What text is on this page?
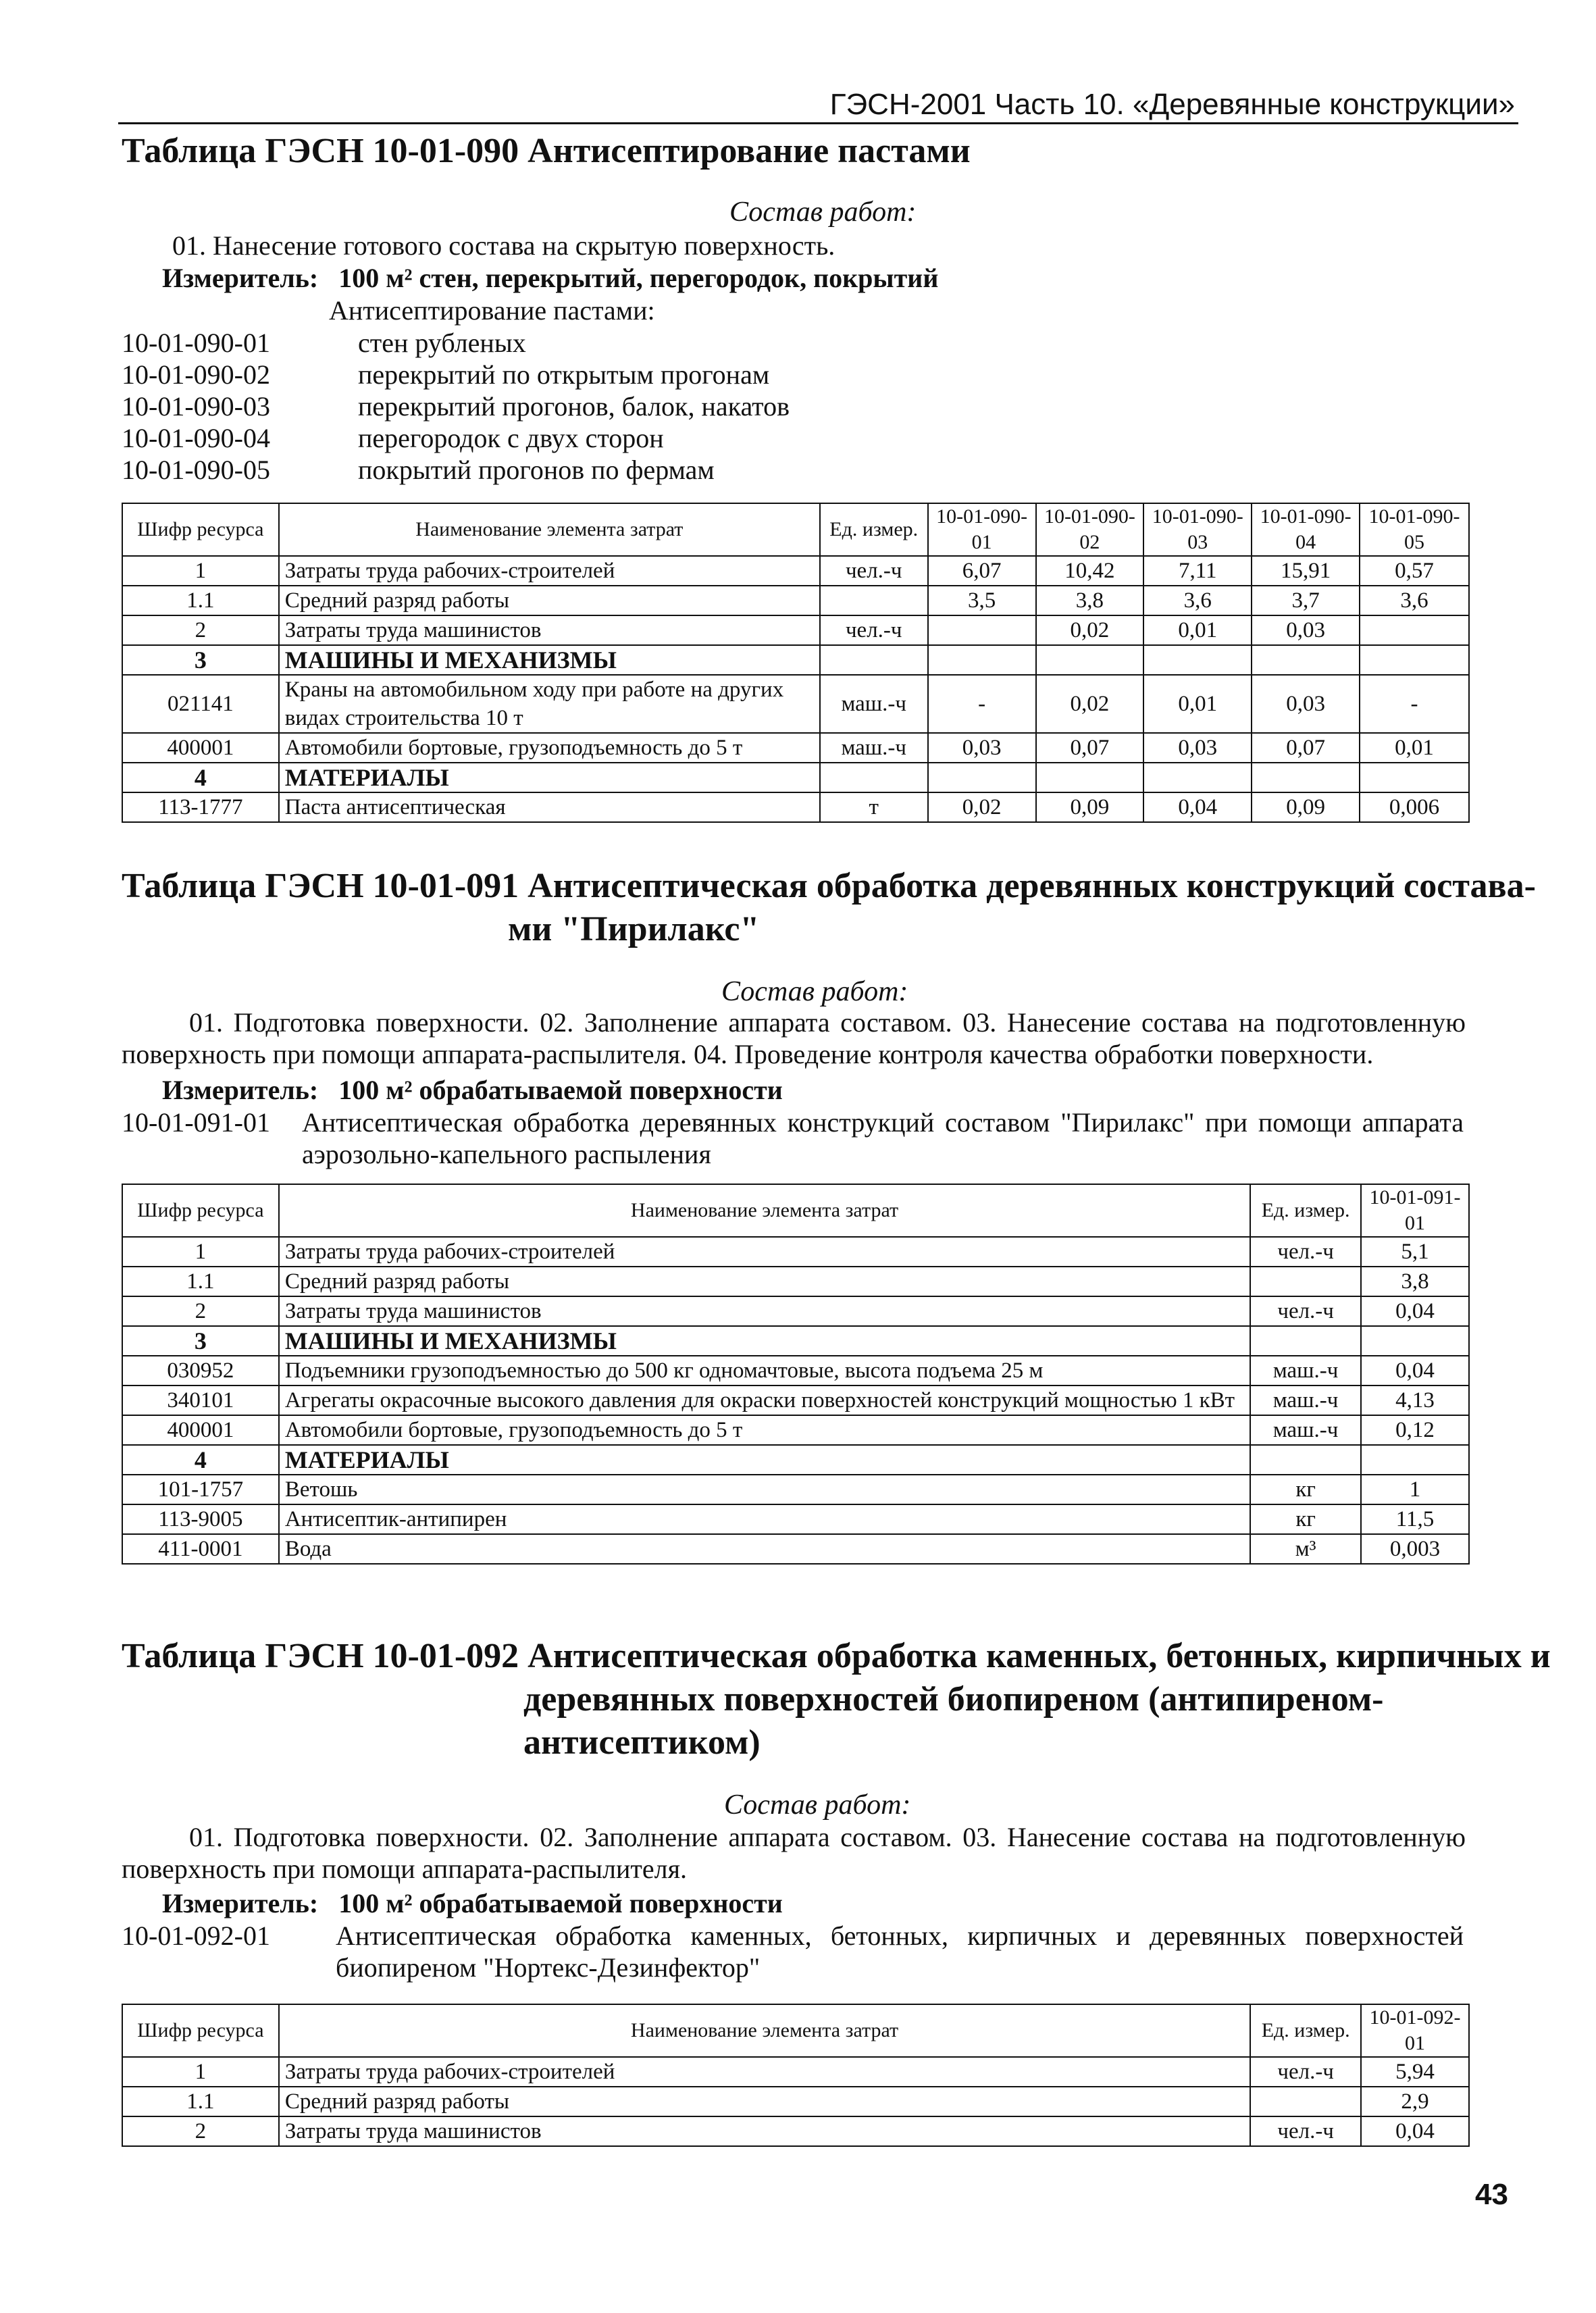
ГЭСН-2001 Часть 10. «Деревянные конструкции»
Таблица ГЭСН 10-01-090 Антисептирование пастами
Состав работ:
01. Нанесение готового состава на скрытую поверхность.
Измеритель: 100 м² стен, перекрытий, перегородок, покрытий
Антисептирование пастами:
10-01-090-01	стен рубленых
10-01-090-02	перекрытий по открытым прогонам
10-01-090-03	перекрытий прогонов, балок, накатов
10-01-090-04	перегородок с двух сторон
10-01-090-05	покрытий прогонов по фермам
Шифр ресурса	Наименование элемента затрат	Ед. измер.	10-01-090-01	10-01-090-02	10-01-090-03	10-01-090-04	10-01-090-05
1	Затраты труда рабочих-строителей	чел.-ч	6,07	10,42	7,11	15,91	0,57
1.1	Средний разряд работы		3,5	3,8	3,6	3,7	3,6
2	Затраты труда машинистов	чел.-ч		0,02	0,01	0,03	
3	МАШИНЫ И МЕХАНИЗМЫ						
021141	Краны на автомобильном ходу при работе на других видах строительства 10 т	маш.-ч	-	0,02	0,01	0,03	-
400001	Автомобили бортовые, грузоподъемность до 5 т	маш.-ч	0,03	0,07	0,03	0,07	0,01
4	МАТЕРИАЛЫ						
113-1777	Паста антисептическая	т	0,02	0,09	0,04	0,09	0,006
Таблица ГЭСН 10-01-091 Антисептическая обработка деревянных конструкций состава-
ми "Пирилакс"
Состав работ:
01. Подготовка поверхности. 02. Заполнение аппарата составом. 03. Нанесение состава на подготовленную поверхность при помощи аппарата-распылителя. 04. Проведение контроля качества обработки поверхности.
Измеритель: 100 м² обрабатываемой поверхности
10-01-091-01 Антисептическая обработка деревянных конструкций составом "Пирилакс" при помощи аппарата аэрозольно-капельного распыления
Шифр ресурса	Наименование элемента затрат	Ед. измер.	10-01-091-01
1	Затраты труда рабочих-строителей	чел.-ч	5,1
1.1	Средний разряд работы		3,8
2	Затраты труда машинистов	чел.-ч	0,04
3	МАШИНЫ И МЕХАНИЗМЫ		
030952	Подъемники грузоподъемностью до 500 кг одномачтовые, высота подъема 25 м	маш.-ч	0,04
340101	Агрегаты окрасочные высокого давления для окраски поверхностей конструкций мощностью 1 кВт	маш.-ч	4,13
400001	Автомобили бортовые, грузоподъемность до 5 т	маш.-ч	0,12
4	МАТЕРИАЛЫ		
101-1757	Ветошь	кг	1
113-9005	Антисептик-антипирен	кг	11,5
411-0001	Вода	м³	0,003
Таблица ГЭСН 10-01-092 Антисептическая обработка каменных, бетонных, кирпичных и
деревянных поверхностей биопиреном (антипиреном-
антисептиком)
Состав работ:
01. Подготовка поверхности. 02. Заполнение аппарата составом. 03. Нанесение состава на подготовленную поверхность при помощи аппарата-распылителя.
Измеритель: 100 м² обрабатываемой поверхности
10-01-092-01 Антисептическая обработка каменных, бетонных, кирпичных и деревянных поверхностей биопиреном "Нортекс-Дезинфектор"
Шифр ресурса	Наименование элемента затрат	Ед. измер.	10-01-092-01
1	Затраты труда рабочих-строителей	чел.-ч	5,94
1.1	Средний разряд работы		2,9
2	Затраты труда машинистов	чел.-ч	0,04
43
